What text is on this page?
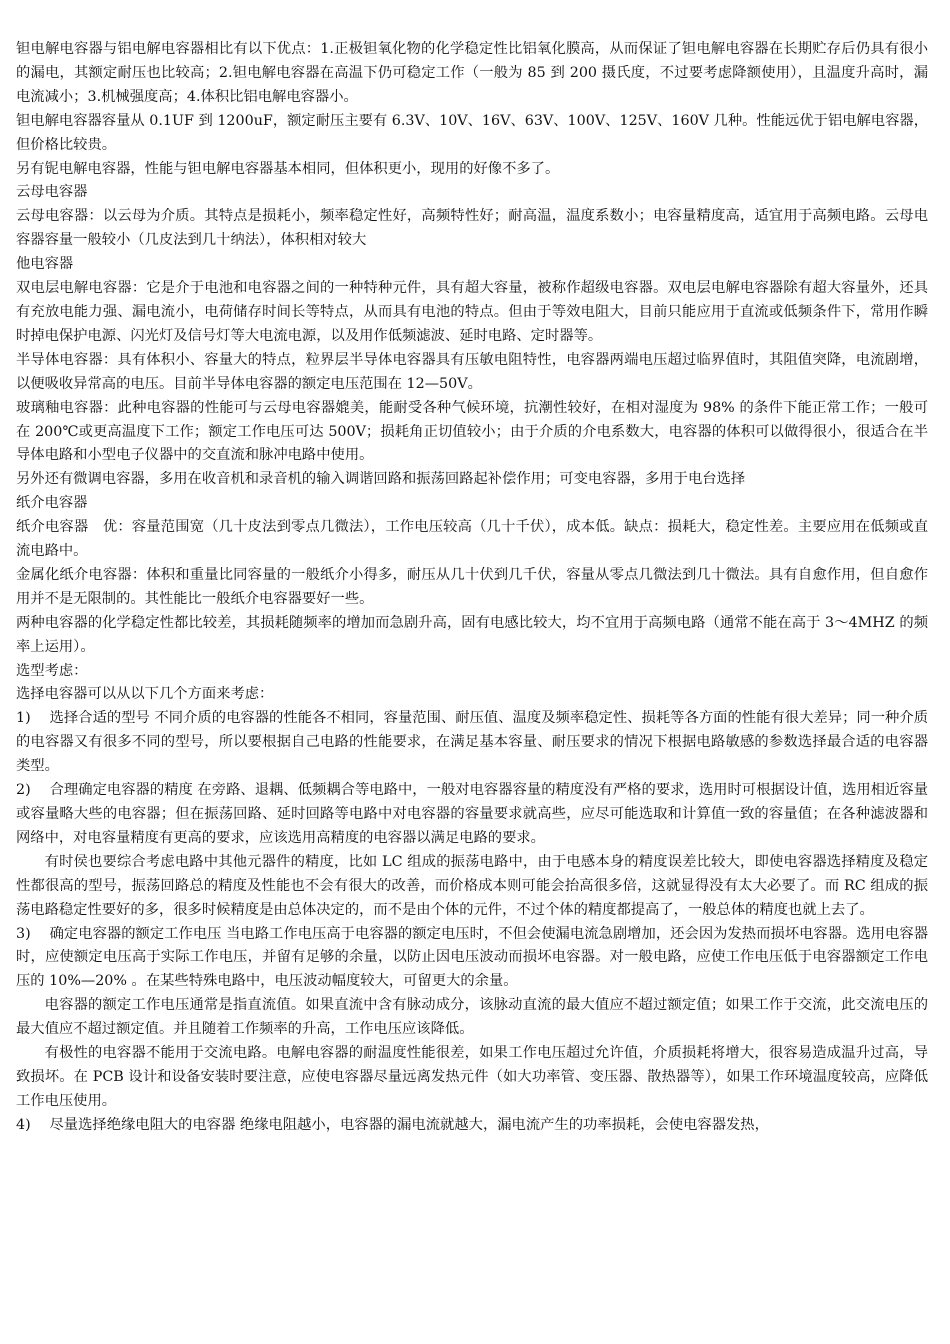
钽电解电容器与铝电解电容器相比有以下优点：1.正极钽氧化物的化学稳定性比铝氧化膜高，从而保证了钽电解电容器在长期贮存后仍具有很小的漏电，其额定耐压也比较高；2.钽电解电容器在高温下仍可稳定工作（一般为 85 到 200 摄氏度，不过要考虑降额使用），且温度升高时，漏电流减小；3.机械强度高；4.体积比铝电解电容器小。

钽电解电容器容量从 0.1UF 到 1200uF，额定耐压主要有 6.3V、10V、16V、63V、100V、125V、160V 几种。性能远优于铝电解电容器，但价格比较贵。

另有铌电解电容器，性能与钽电解电容器基本相同，但体积更小，现用的好像不多了。

云母电容器

云母电容器：以云母为介质。其特点是损耗小，频率稳定性好，高频特性好；耐高温，温度系数小；电容量精度高，适宜用于高频电路。云母电容器容量一般较小（几皮法到几十纳法），体积相对较大

他电容器

双电层电解电容器：它是介于电池和电容器之间的一种特种元件，具有超大容量，被称作超级电容器。双电层电解电容器除有超大容量外，还具有充放电能力强、漏电流小，电荷储存时间长等特点，从而具有电池的特点。但由于等效电阻大，目前只能应用于直流或低频条件下，常用作瞬时掉电保护电源、闪光灯及信号灯等大电流电源，以及用作低频滤波、延时电路、定时器等。

半导体电容器：具有体积小、容量大的特点，粒界层半导体电容器具有压敏电阻特性，电容器两端电压超过临界值时，其阻值突降，电流剧增，以便吸收异常高的电压。目前半导体电容器的额定电压范围在 12—50V。

玻璃釉电容器：此种电容器的性能可与云母电容器媲美，能耐受各种气候环境，抗潮性较好，在相对湿度为 98% 的条件下能正常工作；一般可在 200℃或更高温度下工作；额定工作电压可达 500V；损耗角正切值较小；由于介质的介电系数大，电容器的体积可以做得很小，很适合在半导体电路和小型电子仪器中的交直流和脉冲电路中使用。

另外还有微调电容器，多用在收音机和录音机的输入调谐回路和振荡回路起补偿作用；可变电容器，多用于电台选择

纸介电容器

纸介电容器　优：容量范围宽（几十皮法到零点几微法），工作电压较高（几十千伏），成本低。缺点：损耗大，稳定性差。主要应用在低频或直流电路中。

金属化纸介电容器：体积和重量比同容量的一般纸介小得多，耐压从几十伏到几千伏，容量从零点几微法到几十微法。具有自愈作用，但自愈作用并不是无限制的。其性能比一般纸介电容器要好一些。

两种电容器的化学稳定性都比较差，其损耗随频率的增加而急剧升高，固有电感比较大，均不宜用于高频电路（通常不能在高于 3～4MHZ 的频率上运用）。

选型考虑：

选择电容器可以从以下几个方面来考虑：

1)　 选择合适的型号 不同介质的电容器的性能各不相同，容量范围、耐压值、温度及频率稳定性、损耗等各方面的性能有很大差异；同一种介质的电容器又有很多不同的型号，所以要根据自己电路的性能要求，在满足基本容量、耐压要求的情况下根据电路敏感的参数选择最合适的电容器类型。

2)　 合理确定电容器的精度 在旁路、退耦、低频耦合等电路中，一般对电容器容量的精度没有严格的要求，选用时可根据设计值，选用相近容量或容量略大些的电容器；但在振荡回路、延时回路等电路中对电容器的容量要求就高些，应尽可能选取和计算值一致的容量值；在各种滤波器和网络中，对电容量精度有更高的要求，应该选用高精度的电容器以满足电路的要求。

有时侯也要综合考虑电路中其他元器件的精度，比如 LC 组成的振荡电路中，由于电感本身的精度误差比较大，即使电容器选择精度及稳定性都很高的型号，振荡回路总的精度及性能也不会有很大的改善，而价格成本则可能会抬高很多倍，这就显得没有太大必要了。而 RC 组成的振荡电路稳定性要好的多，很多时候精度是由总体决定的，而不是由个体的元件，不过个体的精度都提高了，一般总体的精度也就上去了。

3)　 确定电容器的额定工作电压 当电路工作电压高于电容器的额定电压时，不但会使漏电流急剧增加，还会因为发热而损坏电容器。选用电容器时，应使额定电压高于实际工作电压，并留有足够的余量，以防止因电压波动而损坏电容器。对一般电路，应使工作电压低于电容器额定工作电压的 10%—20% 。在某些特殊电路中，电压波动幅度较大，可留更大的余量。

电容器的额定工作电压通常是指直流值。如果直流中含有脉动成分，该脉动直流的最大值应不超过额定值；如果工作于交流，此交流电压的最大值应不超过额定值。并且随着工作频率的升高，工作电压应该降低。

有极性的电容器不能用于交流电路。电解电容器的耐温度性能很差，如果工作电压超过允许值，介质损耗将增大，很容易造成温升过高，导致损坏。在 PCB 设计和设备安装时要注意，应使电容器尽量远离发热元件（如大功率管、变压器、散热器等），如果工作环境温度较高，应降低工作电压使用。

4)　 尽量选择绝缘电阻大的电容器 绝缘电阻越小，电容器的漏电流就越大，漏电流产生的功率损耗，会使电容器发热，
